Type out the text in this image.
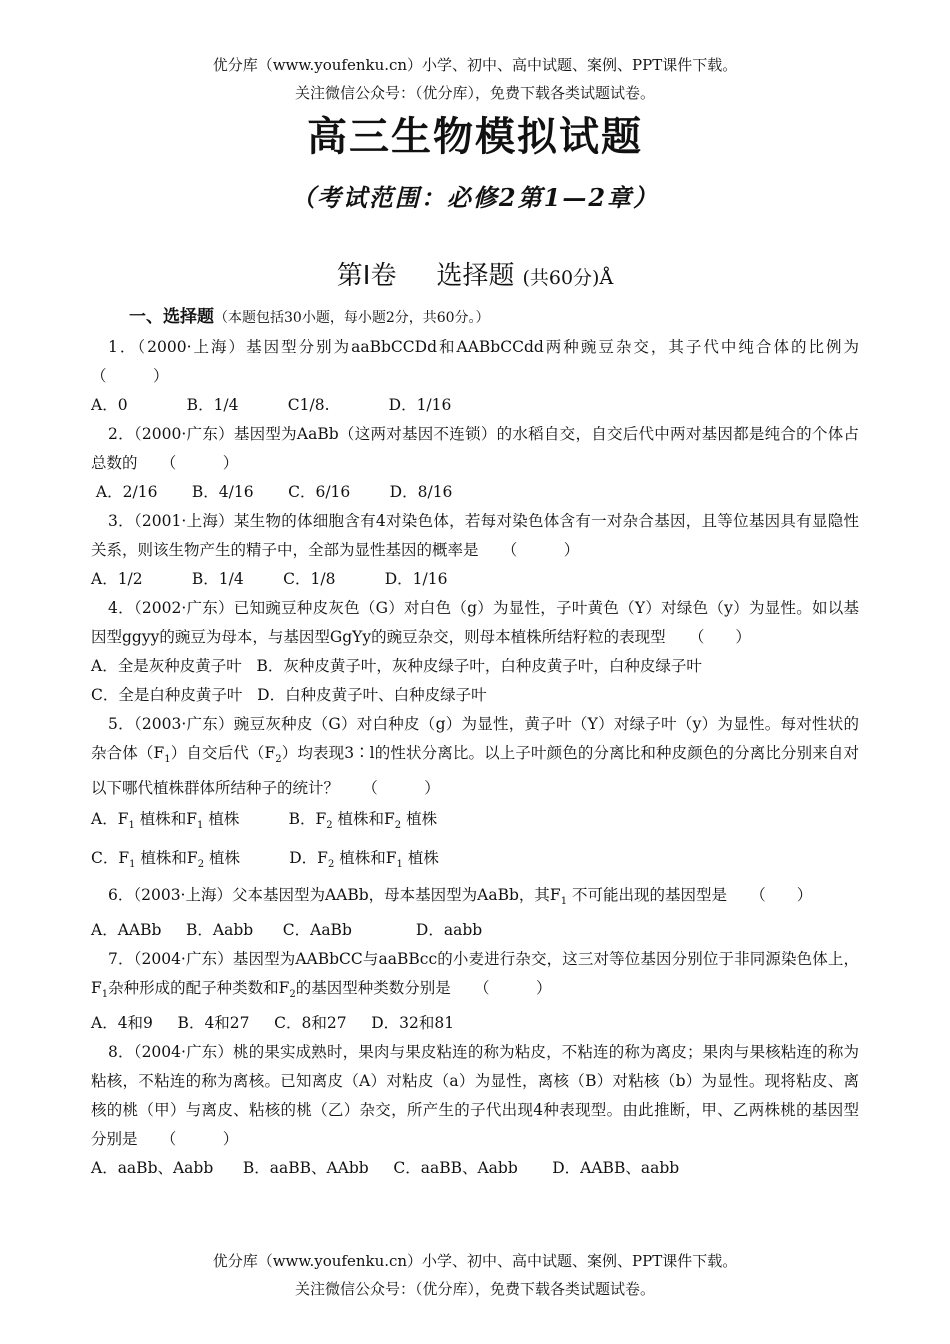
优分库（www.youfenku.cn）小学、初中、高中试题、案例、PPT课件下载。
关注微信公众号：（优分库），免费下载各类试题试卷。
高三生物模拟试题
（考试范围：必修2第1—2章）
第Ⅰ卷 选择题 (共60分)Å
一、选择题（本题包括30小题，每小题2分，共60分。）

1．（2000·上海）基因型分别为aaBbCCDd和AABbCCdd两种豌豆杂交，其子代中纯合体的比例为（　　　）

A．0            B．1/4          C1/8.            D．1/16

2．（2000·广东）基因型为AaBb（这两对基因不连锁）的水稻自交，自交后代中两对基因都是纯合的个体占总数的　　（　　　）

A．2/16       B．4/16       C．6/16        D．8/16

3．（2001·上海）某生物的体细胞含有4对染色体，若每对染色体含有一对杂合基因，且等位基因具有显隐性关系，则该生物产生的精子中，全部为显性基因的概率是　　（　　　）

A．1/2          B．1/4        C．1/8          D．1/16

4．（2002·广东）已知豌豆种皮灰色（G）对白色（g）为显性，子叶黄色（Y）对绿色（y）为显性。如以基因型ggyy的豌豆为母本，与基因型GgYy的豌豆杂交，则母本植株所结籽粒的表现型　　（　　）

A．全是灰种皮黄子叶   B．灰种皮黄子叶，灰种皮绿子叶，白种皮黄子叶，白种皮绿子叶

C．全是白种皮黄子叶   D．白种皮黄子叶、白种皮绿子叶

5．（2003·广东）豌豆灰种皮（G）对白种皮（g）为显性，黄子叶（Y）对绿子叶（y）为显性。每对性状的杂合体$(F_1)$自交后代$(F_2)$均表现3∶l的性状分离比。以上子叶颜色的分离比和种皮颜色的分离比分别来自对以下哪代植株群体所结种子的统计？　　（　　　）

A．$F_1$ 植株和$F_1$ 植株          B．$F_2$ 植株和$F_2$ 植株

C．$F_1$ 植株和$F_2$ 植株          D．$F_2$ 植株和$F_1$ 植株

6．（2003·上海）父本基因型为AABb，母本基因型为AaBb，其$F_1$ 不可能出现的基因型是　　（　　）

A．AABb     B．Aabb      C．AaBb             D．aabb

7．（2004·广东）基因型为AABbCC与aaBBcc的小麦进行杂交，这三对等位基因分别位于非同源染色体上，$F_1$杂种形成的配子种类数和$F_2$的基因型种类数分别是　　（　　　）

A．4和9     B．4和27     C．8和27     D．32和81

8．（2004·广东）桃的果实成熟时，果肉与果皮粘连的称为粘皮，不粘连的称为离皮；果肉与果核粘连的称为粘核，不粘连的称为离核。已知离皮（A）对粘皮（a）为显性，离核（B）对粘核（b）为显性。现将粘皮、离核的桃（甲）与离皮、粘核的桃（乙）杂交，所产生的子代出现4种表现型。由此推断，甲、乙两株桃的基因型分别是　　（　　　）

A．aaBb、Aabb      B．aaBB、AAbb     C．aaBB、Aabb       D．AABB、aabb

优分库（www.youfenku.cn）小学、初中、高中试题、案例、PPT课件下载。
关注微信公众号：（优分库），免费下载各类试题试卷。
